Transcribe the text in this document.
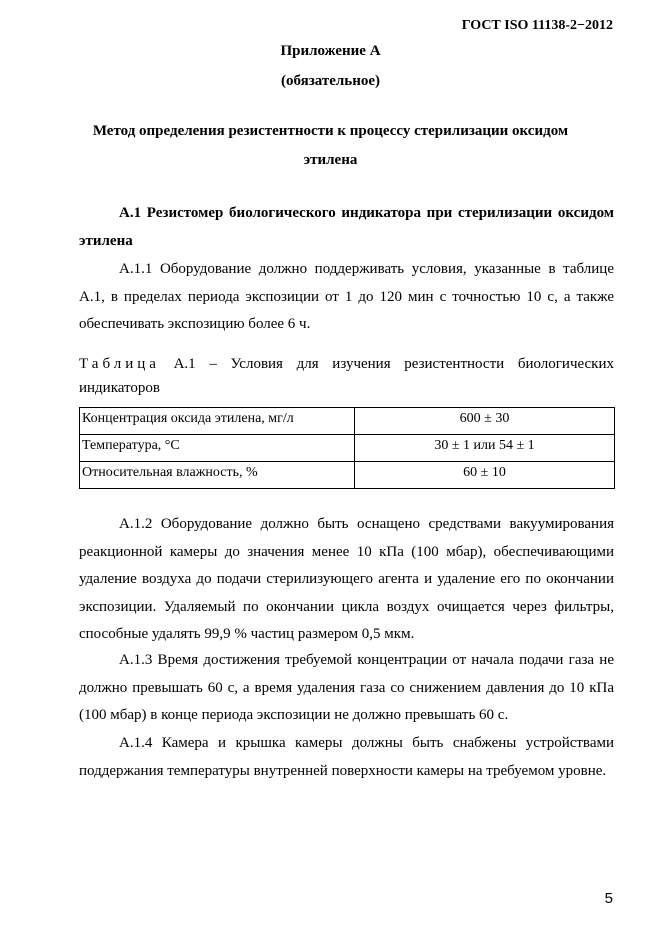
ГОСТ ISO 11138-2−2012
Приложение А
(обязательное)
Метод определения резистентности к процессу стерилизации оксидом
этилена
А.1 Резистомер биологического индикатора при стерилизации оксидом этилена
А.1.1 Оборудование должно поддерживать условия, указанные в таблице А.1, в пределах периода экспозиции от 1 до 120 мин с точностью 10 с, а также обеспечивать экспозицию более 6 ч.
Таблица А.1 – Условия для изучения резистентности биологических индикаторов
Концентрация оксида этилена, мг/л	600 ± 30
Температура, °С	30 ± 1 или 54 ± 1
Относительная влажность, %	60 ± 10
А.1.2 Оборудование должно быть оснащено средствами вакуумирования реакционной камеры до значения менее 10 кПа (100 мбар), обеспечивающими удаление воздуха до подачи стерилизующего агента и удаление его по окончании экспозиции. Удаляемый по окончании цикла воздух очищается через фильтры, способные удалять 99,9 % частиц размером 0,5 мкм.
А.1.3 Время достижения требуемой концентрации от начала подачи газа не должно превышать 60 с, а время удаления газа со снижением давления до 10 кПа (100 мбар) в конце периода экспозиции не должно превышать 60 с.
А.1.4 Камера и крышка камеры должны быть снабжены устройствами поддержания температуры внутренней поверхности камеры на требуемом уровне.
5
